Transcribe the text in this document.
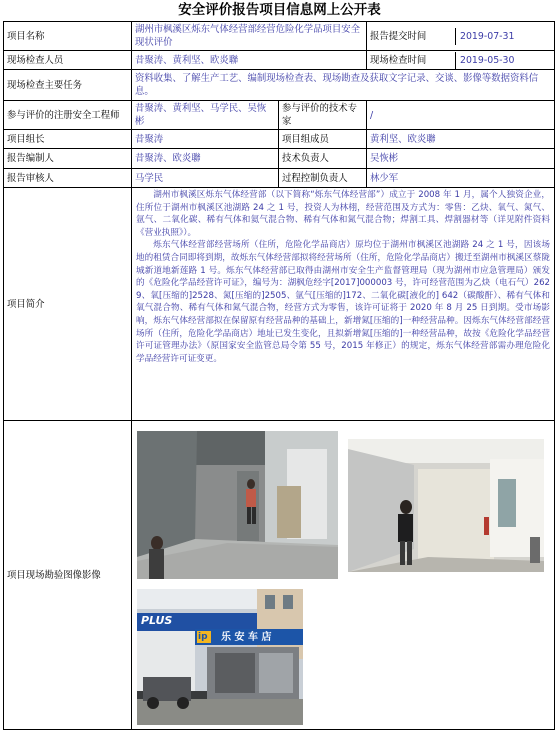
安全评价报告项目信息网上公开表
项目名称	湖州市枫溪区烁东气体经营部经营危险化学品项目安全现状评价		报告提交时间 2019-07-31

现场检查人员	昔聚涛、黄利坚、欧炎聯		现场检查时间 2019-05-30

现场检查主要任务	资料收集、了解生产工艺、编制现场检查表、现场勘查及获取文字记录、交谈、影像等数据资料信息。		
参与评价的注册安全工程师	昔聚涛、黄利坚、马学民、吴恢彬	参与评价的技术专家	/
项目组长	昔聚涛	项目组成员	黄利坚、欧炎聯
报告编制人	昔聚涛、欧炎聯	技术负责人	吴恢彬
报告审核人	马学民	过程控制负责人	林少军
项目简介	湖州市枫溪区烁东气体经营部（以下简称“烁东气体经营部”）成立于 2008 年 1 月，属个人独资企业，住所位于湖州市枫溪区池湖路 24 之 1 号，投资人为林栩，经营范围及方式为：零售：乙炔、氧气、氮气、氩气、二氧化碳、稀有气体和氦气混合物、稀有气体和氮气混合物；焊割工具、焊割器材等（详见附件资料《营业执照》）。

烁东气体经营部经营场所（住所，危险化学品商店）原均位于湖州市枫溪区池湖路 24 之 1 号，因该场地的租赁合同即将到期，故烁东气体经营部拟将经营场所（住所，危险化学品商店）搬迁至湖州市枫溪区蔡陇城新道地新莲路 1 号。烁东气体经营部已取得由湖州市安全生产监督管理局（现为湖州市应急管理局）颁发的《危险化学品经营许可证》，编号为：湖枫危经字[2017]000003 号，许可经营范围为乙炔（电石气）2629、氧[压缩的]2528、氮[压缩的]2505、氩气[压缩的]172、二氧化碳[液化的] 642（碳酸酐）、稀有气体和氧气混合物、稀有气体和氮气混合物，经营方式为零售，该许可证将于 2020 年 8 月 25 日到期。受市场影响，烁东气体经营部拟在保留原有经营品种的基础上，新增氮[压缩的]一种经营品种。因烁东气体经营部经营场所（住所，危险化学品商店）地址已发生变化，且拟新增氮[压缩的]一种经营品种，故按《危险化学品经营许可证管理办法》（原国家安全监管总局令第 55 号，2015 年修正）的规定，烁东气体经营部需办理危险化学品经营许可证变更。		

项目现场勘验图像影像	PLUS
ip 乐 安 车 店		
